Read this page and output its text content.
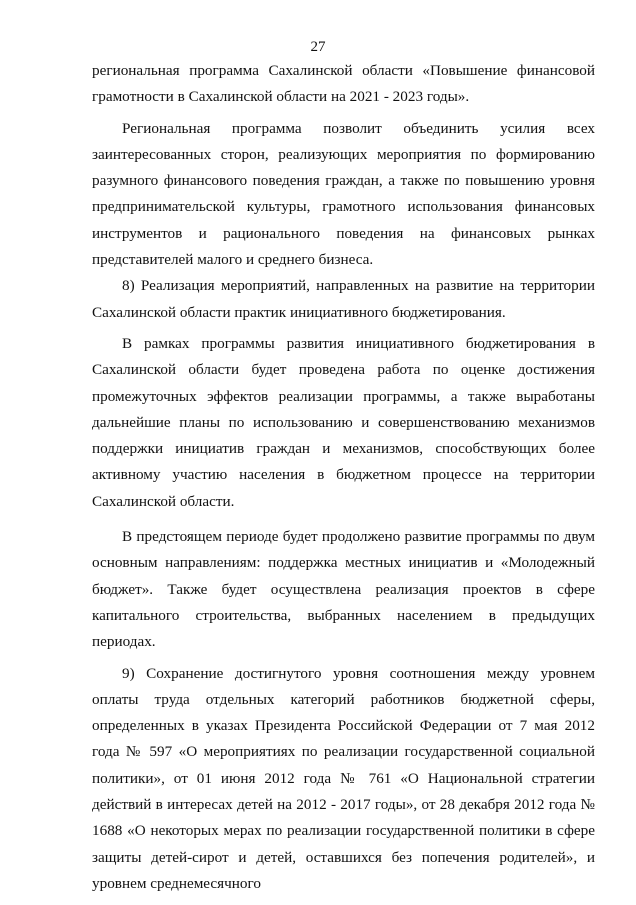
27

региональная программа Сахалинской области «Повышение финансовой грамотности в Сахалинской области на 2021 - 2023 годы».

Региональная программа позволит объединить усилия всех заинтересованных сторон, реализующих мероприятия по формированию разумного финансового поведения граждан, а также по повышению уровня предпринимательской культуры, грамотного использования финансовых инструментов и рационального поведения на финансовых рынках представителей малого и среднего бизнеса.

8) Реализация мероприятий, направленных на развитие на территории Сахалинской области практик инициативного бюджетирования.

В рамках программы развития инициативного бюджетирования в Сахалинской области будет проведена работа по оценке достижения промежуточных эффектов реализации программы, а также выработаны дальнейшие планы по использованию и совершенствованию механизмов поддержки инициатив граждан и механизмов, способствующих более активному участию населения в бюджетном процессе на территории Сахалинской области.

В предстоящем периоде будет продолжено развитие программы по двум основным направлениям: поддержка местных инициатив и «Молодежный бюджет». Также будет осуществлена реализация проектов в сфере капитального строительства, выбранных населением в предыдущих периодах.

9) Сохранение достигнутого уровня соотношения между уровнем оплаты труда отдельных категорий работников бюджетной сферы, определенных в указах Президента Российской Федерации от 7 мая 2012 года № 597 «О мероприятиях по реализации государственной социальной политики», от 01 июня 2012 года № 761 «О Национальной стратегии действий в интересах детей на 2012 - 2017 годы», от 28 декабря 2012 года № 1688 «О некоторых мерах по реализации государственной политики в сфере защиты детей-сирот и детей, оставшихся без попечения родителей», и уровнем среднемесячного
